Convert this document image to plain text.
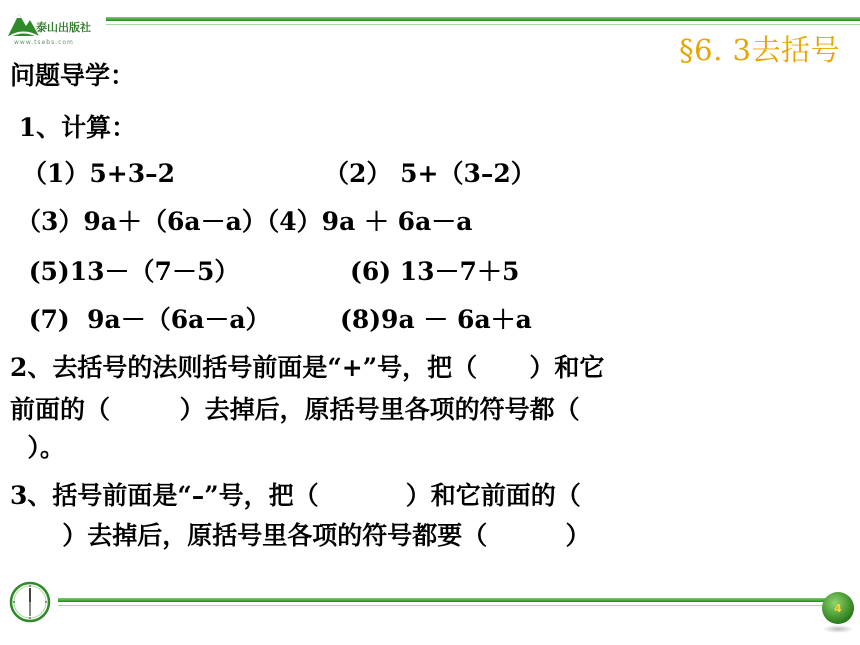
泰山出版社
www.tsebs.com	§6. 3去括号
问题导学：
1、计算：
（1）5+3–2	（2） 5+（3–2）
（3）9a＋（6a－a）（4）9a ＋ 6a－a
(5)13－（7－5）	(6) 13－7＋5
(7)  9a－（6a－a）	(8)9a － 6a＋a
2、去括号的法则括号前面是“+”号，把（      ）和它
前面的（        ）去掉后，原括号里各项的符号都（
）。
3、括号前面是“–”号，把（          ）和它前面的（
）去掉后，原括号里各项的符号都要（         ）
4
